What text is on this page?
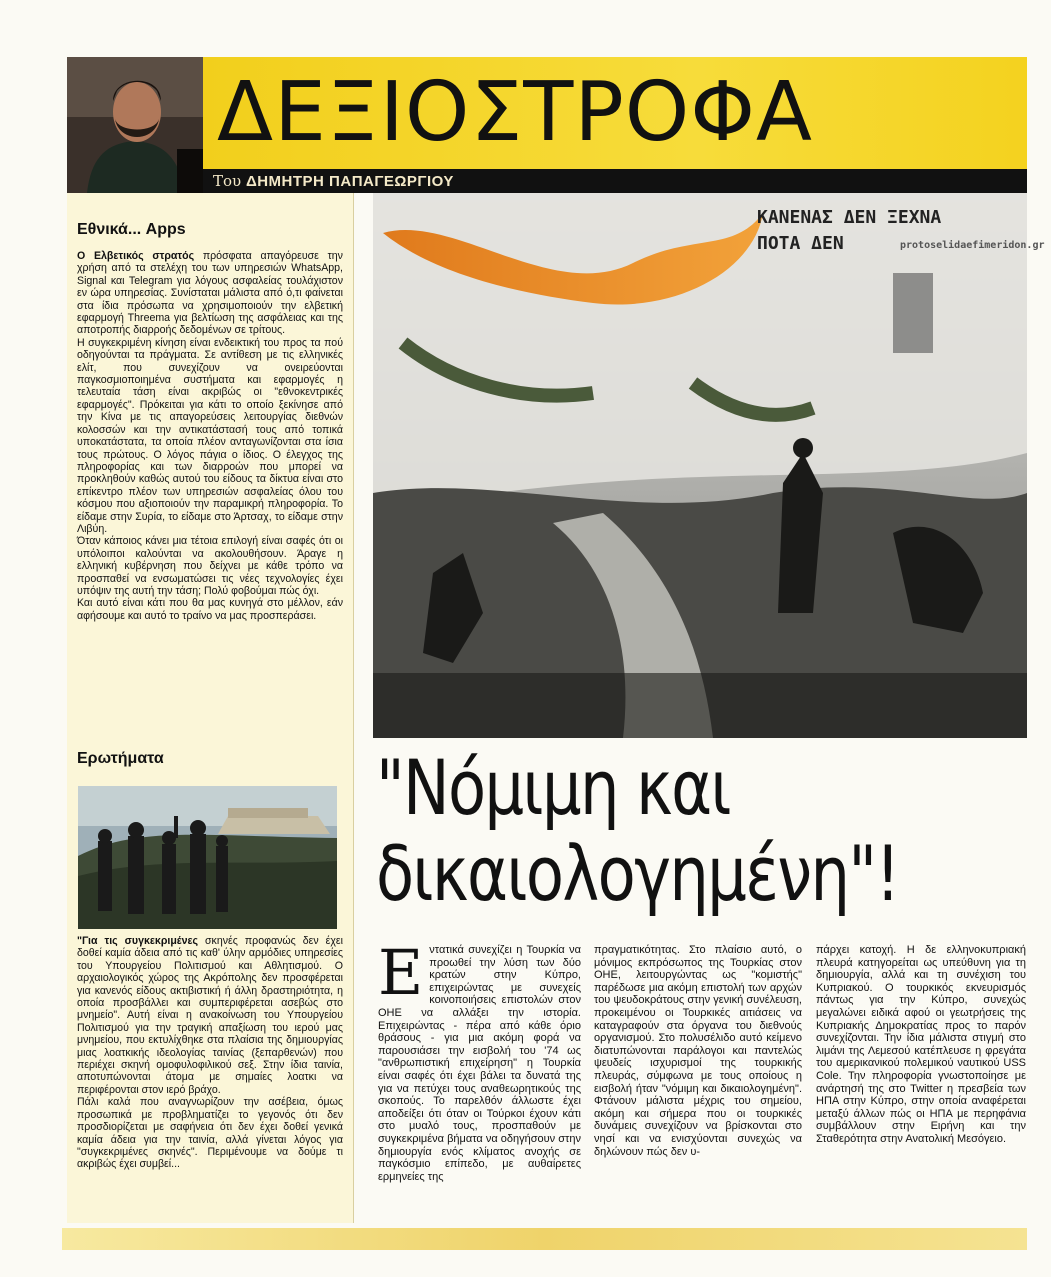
ΔΕΞΙΟΣΤΡΟΦΑ
Του ΔΗΜΗΤΡΗ ΠΑΠΑΓΕΩΡΓΙΟΥ
Εθνικά... Apps

Ο Ελβετικός στρατός πρόσφατα απαγόρευσε την χρήση από τα στελέχη του των υπηρεσιών WhatsApp, Signal και Telegram για λόγους ασφαλείας τουλάχιστον εν ώρα υπηρεσίας. Συνίσταται μάλιστα από ό,τι φαίνεται στα ίδια πρόσωπα να χρησιμοποιούν την ελβετική εφαρμογή Threema για βελτίωση της ασφάλειας και της αποτροπής διαρροής δεδομένων σε τρίτους.

Η συγκεκριμένη κίνηση είναι ενδεικτική του προς τα πού οδηγούνται τα πράγματα. Σε αντίθεση με τις ελληνικές ελίτ, που συνεχίζουν να ονειρεύονται παγκοσμιοποιημένα συστήματα και εφαρμογές η τελευταία τάση είναι ακριβώς οι "εθνοκεντρικές εφαρμογές". Πρόκειται για κάτι το οποίο ξεκίνησε από την Κίνα με τις απαγορεύσεις λειτουργίας διεθνών κολοσσών και την αντικατάστασή τους από τοπικά υποκατάστατα, τα οποία πλέον ανταγωνίζονται στα ίσια τους πρώτους. Ο λόγος πάγια ο ίδιος. Ο έλεγχος της πληροφορίας και των διαρροών που μπορεί να προκληθούν καθώς αυτού του είδους τα δίκτυα είναι στο επίκεντρο πλέον των υπηρεσιών ασφαλείας όλου του κόσμου που αξιοποιούν την παραμικρή πληροφορία. Το είδαμε στην Συρία, το είδαμε στο Άρτσαχ, το είδαμε στην Λιβύη.

Όταν κάποιος κάνει μια τέτοια επιλογή είναι σαφές ότι οι υπόλοιποι καλούνται να ακολουθήσουν. Άραγε η ελληνική κυβέρνηση που δείχνει με κάθε τρόπο να προσπαθεί να ενσωματώσει τις νέες τεχνολογίες έχει υπόψιν της αυτή την τάση; Πολύ φοβούμαι πώς όχι.

Και αυτό είναι κάτι που θα μας κυνηγά στο μέλλον, εάν αφήσουμε και αυτό το τραίνο να μας προσπεράσει.

Ερωτήματα

"Για τις συγκεκριμένες σκηνές προφανώς δεν έχει δοθεί καμία άδεια από τις καθ' ύλην αρμόδιες υπηρεσίες του Υπουργείου Πολιτισμού και Αθλητισμού. Ο αρχαιολογικός χώρος της Ακρόπολης δεν προσφέρεται για κανενός είδους ακτιβιστική ή άλλη δραστηριότητα, η οποία προσβάλλει και συμπεριφέρεται ασεβώς στο μνημείο". Αυτή είναι η ανακοίνωση του Υπουργείου Πολιτισμού για την τραγική απαξίωση του ιερού μας μνημείου, που εκτυλίχθηκε στα πλαίσια της δημιουργίας μιας λοατκικής ιδεολογίας ταινίας (ξεπαρθενών) που περιέχει σκηνή ομοφυλοφιλικού σεξ. Στην ίδια ταινία, αποτυπώνονται άτομα με σημαίες λοατκι να περιφέρονται στον ιερό βράχο.

Πάλι καλά που αναγνωρίζουν την ασέβεια, όμως προσωπικά με προβληματίζει το γεγονός ότι δεν προσδιορίζεται με σαφήνεια ότι δεν έχει δοθεί γενικά καμία άδεια για την ταινία, αλλά γίνεται λόγος για "συγκεκριμένες σκηνές". Περιμένουμε να δούμε τι ακριβώς έχει συμβεί...

ΚΑΝΕΝΑΣ ΔΕΝ ΞΕΧΝΑ
ΠΟΤΑ ΔΕΝ	protoselidaefimeridon.gr
"Νόμιμη και
δικαιολογημένη"!

Εντατικά συνεχίζει η Τουρκία να προωθεί την λύση των δύο κρατών στην Κύπρο, επιχειρώντας με συνεχείς κοινοποιήσεις επιστολών στον ΟΗΕ να αλλάξει την ιστορία. Επιχειρώντας - πέρα από κάθε όριο θράσους - για μια ακόμη φορά να παρουσιάσει την εισβολή του '74 ως "ανθρωπιστική επιχείρηση" η Τουρκία είναι σαφές ότι έχει βάλει τα δυνατά της για να πετύχει τους αναθεωρητικούς της σκοπούς. Το παρελθόν άλλωστε έχει αποδείξει ότι όταν οι Τούρκοι έχουν κάτι στο μυαλό τους, προσπαθούν με συγκεκριμένα βήματα να οδηγήσουν στην δημιουργία ενός κλίματος ανοχής σε παγκόσμιο επίπεδο, με αυθαίρετες ερμηνείες της

πραγματικότητας. Στο πλαίσιο αυτό, ο μόνιμος εκπρόσωπος της Τουρκίας στον ΟΗΕ, λειτουργώντας ως "κομιστής" παρέδωσε μια ακόμη επιστολή των αρχών του ψευδοκράτους στην γενική συνέλευση, προκειμένου οι Τουρκικές αιτιάσεις να καταγραφούν στα όργανα του διεθνούς οργανισμού. Στο πολυσέλιδο αυτό κείμενο διατυπώνονται παράλογοι και παντελώς ψευδείς ισχυρισμοί της τουρκικής πλευράς, σύμφωνα με τους οποίους η εισβολή ήταν "νόμιμη και δικαιολογημένη". Φτάνουν μάλιστα μέχρις του σημείου, ακόμη και σήμερα που οι τουρκικές δυνάμεις συνεχίζουν να βρίσκονται στο νησί και να ενισχύονται συνεχώς να δηλώνουν πώς δεν υ-

πάρχει κατοχή. Η δε ελληνοκυπριακή πλευρά κατηγορείται ως υπεύθυνη για τη δημιουργία, αλλά και τη συνέχιση του Κυπριακού. Ο τουρκικός εκνευρισμός πάντως για την Κύπρο, συνεχώς μεγαλώνει ειδικά αφού οι γεωτρήσεις της Κυπριακής Δημοκρατίας προς το παρόν συνεχίζονται. Την ίδια μάλιστα στιγμή στο λιμάνι της Λεμεσού κατέπλευσε η φρεγάτα του αμερικανικού πολεμικού ναυτικού USS Cole. Την πληροφορία γνωστοποίησε με ανάρτησή της στο Twitter η πρεσβεία των ΗΠΑ στην Κύπρο, στην οποία αναφέρεται μεταξύ άλλων πώς οι ΗΠΑ με περηφάνια συμβάλλουν στην Ειρήνη και την Σταθερότητα στην Ανατολική Μεσόγειο.
